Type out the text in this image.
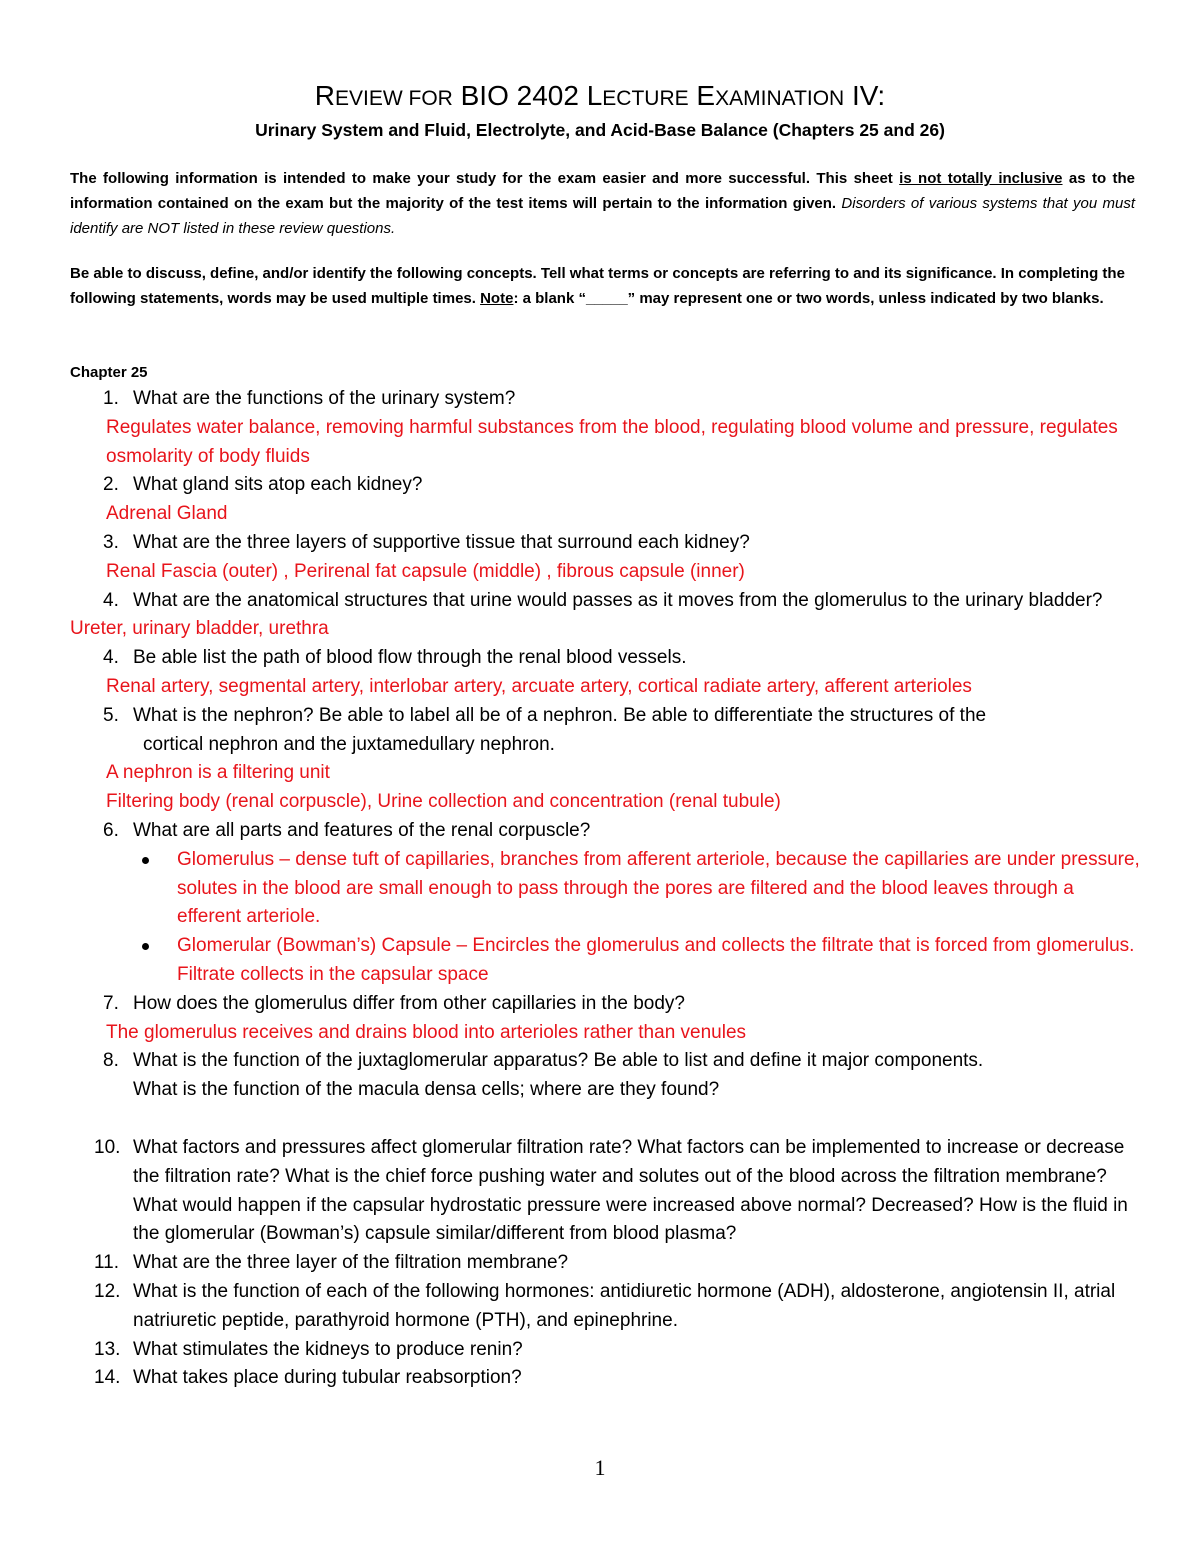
REVIEW FOR BIO 2402 LECTURE EXAMINATION IV:
Urinary System and Fluid, Electrolyte, and Acid-Base Balance (Chapters 25 and 26)
The following information is intended to make your study for the exam easier and more successful. This sheet is not totally inclusive as to the information contained on the exam but the majority of the test items will pertain to the information given. Disorders of various systems that you must identify are NOT listed in these review questions.
Be able to discuss, define, and/or identify the following concepts. Tell what terms or concepts are referring to and its significance. In completing the following statements, words may be used multiple times. Note: a blank “_____” may represent one or two words, unless indicated by two blanks.
Chapter 25
1. What are the functions of the urinary system?
Regulates water balance, removing harmful substances from the blood, regulating blood volume and pressure, regulates osmolarity of body fluids
2. What gland sits atop each kidney?
Adrenal Gland
3. What are the three layers of supportive tissue that surround each kidney?
Renal Fascia (outer) , Perirenal fat capsule (middle) , fibrous capsule (inner)
4. What are the anatomical structures that urine would passes as it moves from the glomerulus to the urinary bladder?
Ureter, urinary bladder, urethra
4. Be able list the path of blood flow through the renal blood vessels.
Renal artery, segmental artery, interlobar artery, arcuate artery, cortical radiate artery, afferent arterioles
5. What is the nephron? Be able to label all be of a nephron. Be able to differentiate the structures of the
cortical nephron and the juxtamedullary nephron.
A nephron is a filtering unit
Filtering body (renal corpuscle), Urine collection and concentration (renal tubule)
6. What are all parts and features of the renal corpuscle?
Glomerulus – dense tuft of capillaries, branches from afferent arteriole, because the capillaries are under pressure, solutes in the blood are small enough to pass through the pores are filtered and the blood leaves through a efferent arteriole.
Glomerular (Bowman’s) Capsule – Encircles the glomerulus and collects the filtrate that is forced from glomerulus. Filtrate collects in the capsular space
7. How does the glomerulus differ from other capillaries in the body?
The glomerulus receives and drains blood into arterioles rather than venules
8. What is the function of the juxtaglomerular apparatus? Be able to list and define it major components.
What is the function of the macula densa cells; where are they found?
10. What factors and pressures affect glomerular filtration rate? What factors can be implemented to increase or decrease the filtration rate? What is the chief force pushing water and solutes out of the blood across the filtration membrane? What would happen if the capsular hydrostatic pressure were increased above normal? Decreased? How is the fluid in the glomerular (Bowman’s) capsule similar/different from blood plasma?
11. What are the three layer of the filtration membrane?
12. What is the function of each of the following hormones: antidiuretic hormone (ADH), aldosterone, angiotensin II, atrial natriuretic peptide, parathyroid hormone (PTH), and epinephrine.
13. What stimulates the kidneys to produce renin?
14. What takes place during tubular reabsorption?
1
